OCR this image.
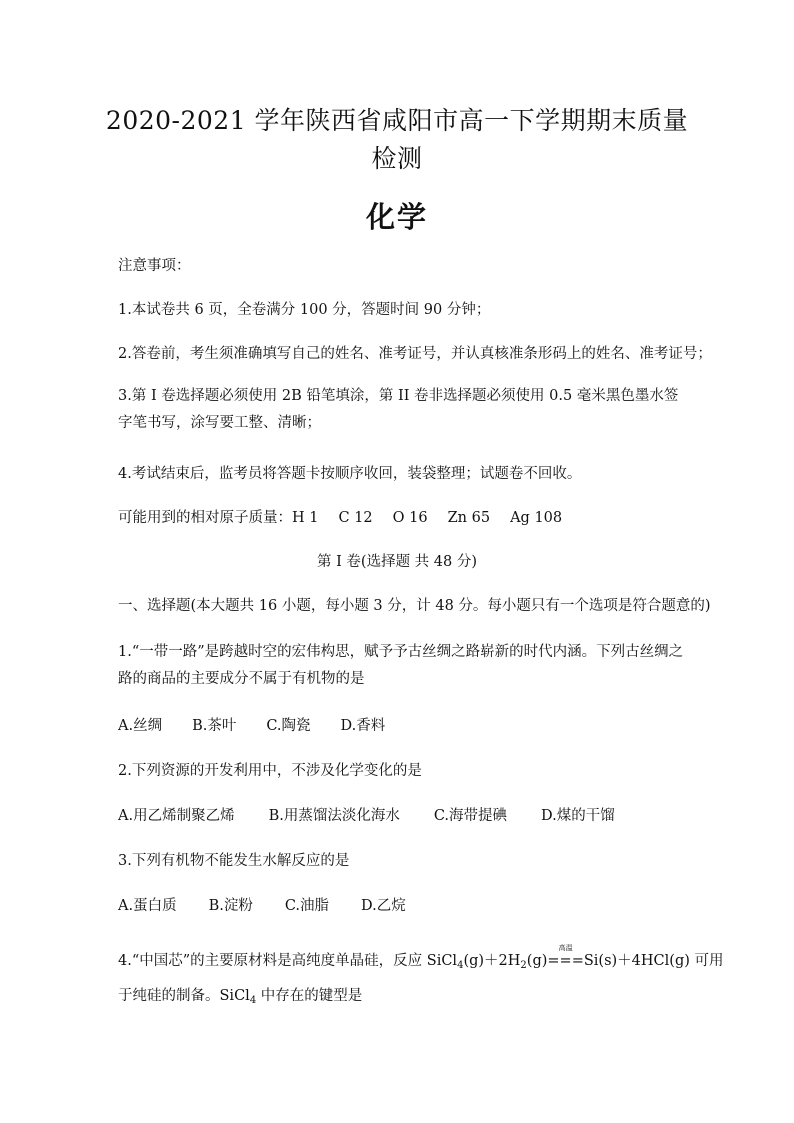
2020-2021 学年陕西省咸阳市高一下学期期末质量检测
化学
注意事项：
1.本试卷共 6 页，全卷满分 100 分，答题时间 90 分钟；
2.答卷前，考生须准确填写自己的姓名、准考证号，并认真核准条形码上的姓名、准考证号；
3.第 I 卷选择题必须使用 2B 铅笔填涂，第 II 卷非选择题必须使用 0.5 毫米黑色墨水签字笔书写，涂写要工整、清晰；
4.考试结束后，监考员将答题卡按顺序收回，装袋整理；试题卷不回收。
可能用到的相对原子质量：H 1 C 12 O 16 Zn 65 Ag 108
第 I 卷(选择题 共 48 分)
一、选择题(本大题共 16 小题，每小题 3 分，计 48 分。每小题只有一个选项是符合题意的)
1.“一带一路”是跨越时空的宏伟构思，赋予予古丝绸之路崭新的时代内涵。下列古丝绸之路的商品的主要成分不属于有机物的是
A.丝绸 B.茶叶 C.陶瓷 D.香料
2.下列资源的开发利用中，不涉及化学变化的是
A.用乙烯制聚乙烯 B.用蒸馏法淡化海水 C.海带提碘 D.煤的干馏
3.下列有机物不能发生水解反应的是
A.蛋白质 B.淀粉 C.油脂 D.乙烷
4.“中国芯”的主要原材料是高纯度单晶硅，反应 $SiCl_4(g)+2H_2(g)$
高温
===Si(s)＋4HCl(g) 可用
于纯硅的制备。SiCl$_4$ 中存在的键型是
